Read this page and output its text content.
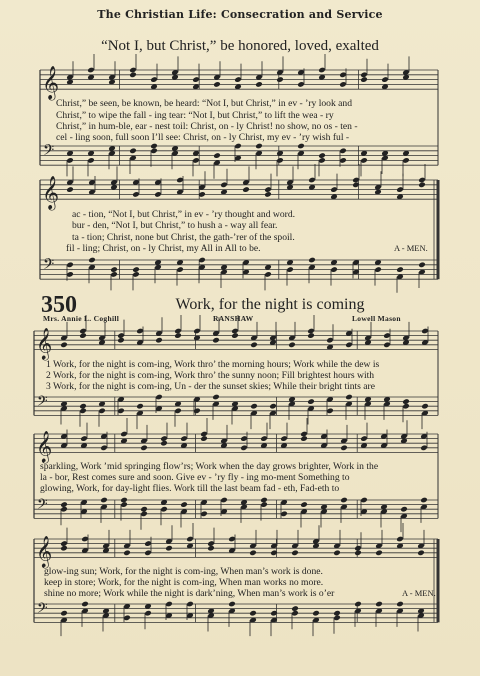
The Christian Life: Consecration and Service
“Not I, but Christ,” be honored, loved, exalted
350	Work, for the night is coming
Mrs. Annie L. Coghill	RANSHAW	Lowell Mason
𝄞
𝄢
𝄞
𝄢
𝄞
𝄢
𝄞
𝄢
𝄞
𝄢
Christ,” be seen, be known, be heard: “Not I, but Christ,” in ev - ’ry look and
Christ,” to wipe the fall - ing tear: “Not I, but Christ,” to lift the wea - ry
Christ,” in hum-ble, ear - nest toil: Christ, on - ly Christ! no show, no os - ten -
cel - ling soon, full soon I’ll see: Christ, on - ly Christ, my ev - ’ry wish ful -
ac - tion, “Not I, but Christ,” in ev - ’ry thought and word.
bur - den, “Not I, but Christ,” to hush a - way all fear.
ta - tion; Christ, none but Christ, the gath-’rer of the spoil.
fil - ling; Christ, on - ly Christ, my All in All to be.	A - MEN.
1 Work, for the night is com-ing, Work thro’ the morning hours; Work while the dew is
2 Work, for the night is com-ing, Work thro’ the sunny noon; Fill brightest hours with
3 Work, for the night is com-ing, Un - der the sunset skies; While their bright tints are
sparkling, Work ’mid springing flow’rs; Work when the day grows brighter, Work in the
la - bor, Rest comes sure and soon. Give ev - ’ry fly - ing mo-ment Something to
glowing, Work, for day-light flies. Work till the last beam fad - eth, Fad-eth to
glow-ing sun; Work, for the night is com-ing, When man’s work is done.
keep in store; Work, for the night is com-ing, When man works no more.
shine no more; Work while the night is dark’ning, When man’s work is o’er	A - MEN.
